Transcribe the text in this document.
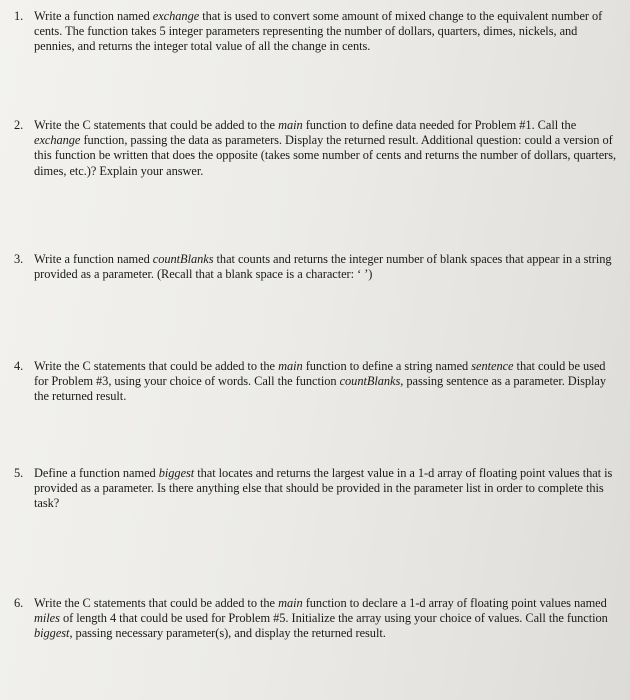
1. Write a function named exchange that is used to convert some amount of mixed change to the equivalent number of cents. The function takes 5 integer parameters representing the number of dollars, quarters, dimes, nickels, and pennies, and returns the integer total value of all the change in cents.
2. Write the C statements that could be added to the main function to define data needed for Problem #1. Call the exchange function, passing the data as parameters. Display the returned result. Additional question: could a version of this function be written that does the opposite (takes some number of cents and returns the number of dollars, quarters, dimes, etc.)? Explain your answer.
3. Write a function named countBlanks that counts and returns the integer number of blank spaces that appear in a string provided as a parameter. (Recall that a blank space is a character: ‘ ’)
4. Write the C statements that could be added to the main function to define a string named sentence that could be used for Problem #3, using your choice of words. Call the function countBlanks, passing sentence as a parameter. Display the returned result.
5. Define a function named biggest that locates and returns the largest value in a 1-d array of floating point values that is provided as a parameter. Is there anything else that should be provided in the parameter list in order to complete this task?
6. Write the C statements that could be added to the main function to declare a 1-d array of floating point values named miles of length 4 that could be used for Problem #5. Initialize the array using your choice of values. Call the function biggest, passing necessary parameter(s), and display the returned result.
